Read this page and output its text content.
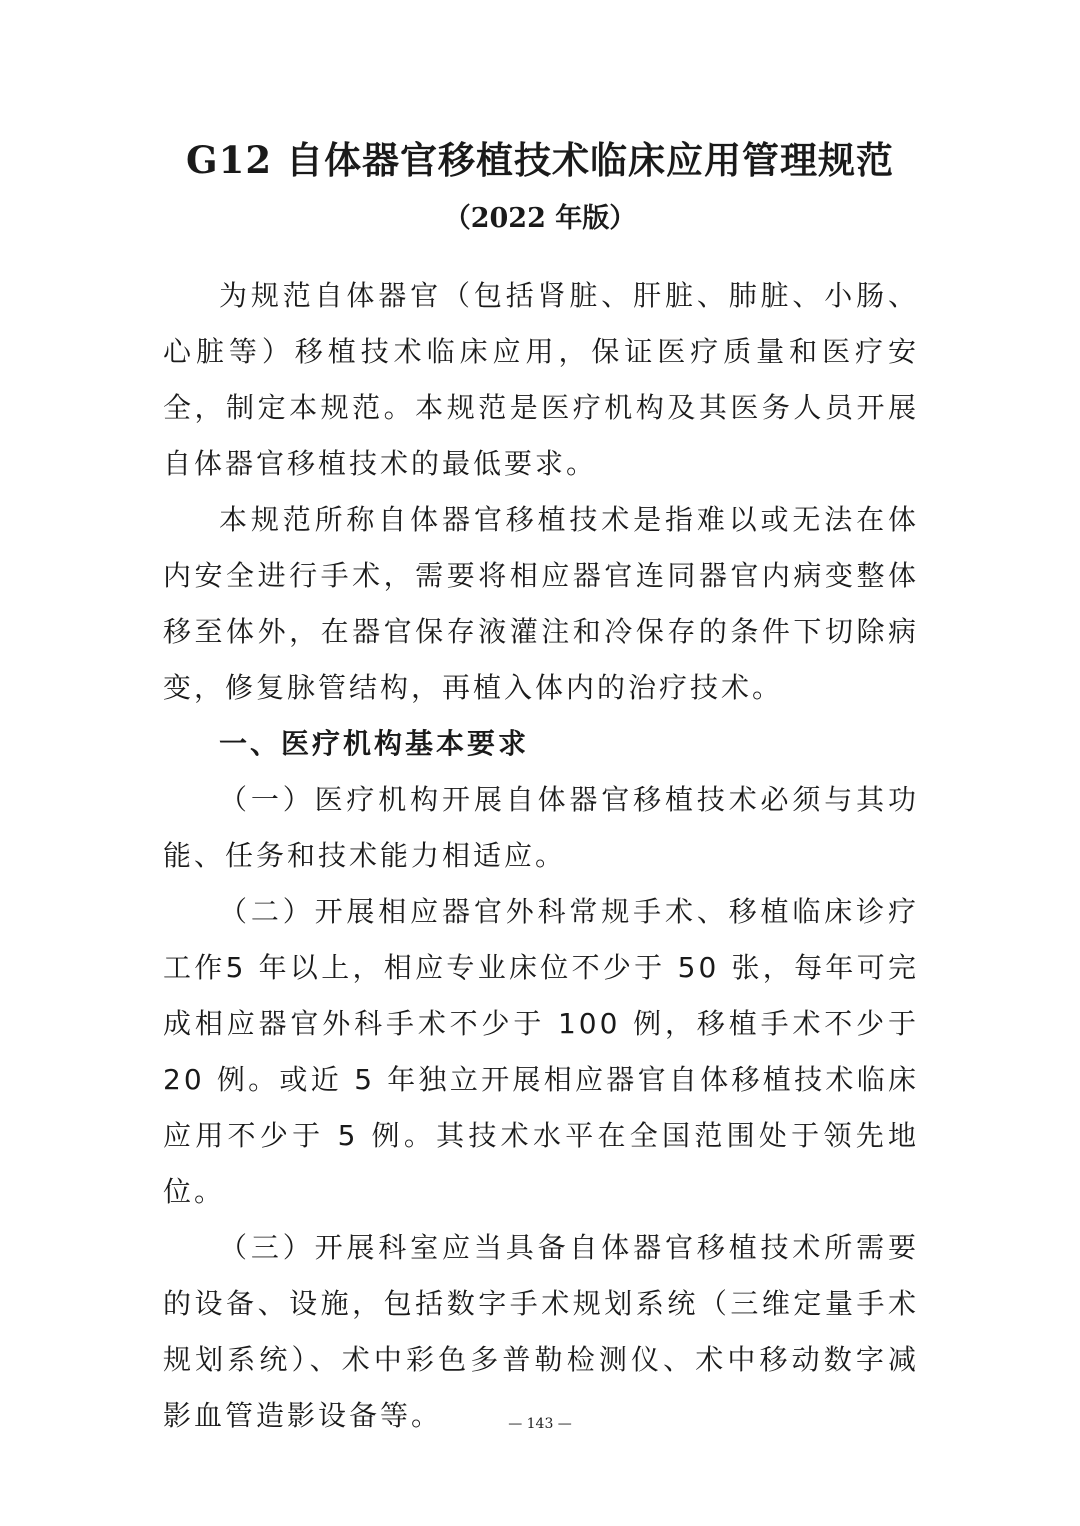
G12 自体器官移植技术临床应用管理规范
（2022 年版）

为规范自体器官（包括肾脏、肝脏、肺脏、小肠、心脏等）移植技术临床应用，保证医疗质量和医疗安全，制定本规范。本规范是医疗机构及其医务人员开展自体器官移植技术的最低要求。

本规范所称自体器官移植技术是指难以或无法在体内安全进行手术，需要将相应器官连同器官内病变整体移至体外，在器官保存液灌注和冷保存的条件下切除病变，修复脉管结构，再植入体内的治疗技术。

一、医疗机构基本要求

（一）医疗机构开展自体器官移植技术必须与其功能、任务和技术能力相适应。

（二）开展相应器官外科常规手术、移植临床诊疗工作5 年以上，相应专业床位不少于 50 张，每年可完成相应器官外科手术不少于 100 例，移植手术不少于 20 例。或近 5 年独立开展相应器官自体移植技术临床应用不少于 5 例。其技术水平在全国范围处于领先地位。

（三）开展科室应当具备自体器官移植技术所需要的设备、设施，包括数字手术规划系统（三维定量手术规划系统）、术中彩色多普勒检测仪、术中移动数字减影血管造影设备等。	— 143 —
